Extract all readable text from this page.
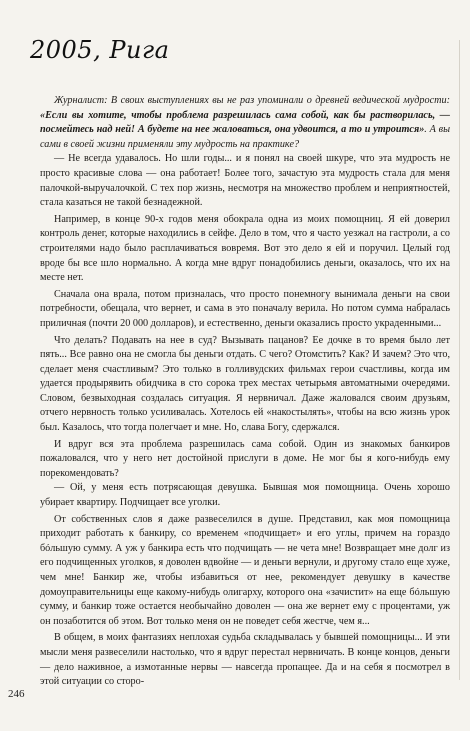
2005, Рига

Журналист: В своих выступлениях вы не раз упоминали о древней ведической мудрости: «Если вы хотите, чтобы проблема разрешилась сама собой, как бы растворилась, — посмейтесь над ней! А будете на нее жаловаться, она удвоится, а то и утроится». А вы сами в своей жизни применяли эту мудрость на практике?

— Не всегда удавалось. Но шли годы... и я понял на своей шкуре, что эта мудрость не просто красивые слова — она работает! Более того, зачастую эта мудрость стала для меня палочкой-выручалочкой. С тех пор жизнь, несмотря на множество проблем и неприятностей, стала казаться не такой безнадежной.

Например, в конце 90-х годов меня обокрала одна из моих помощниц. Я ей доверил контроль денег, которые находились в сейфе. Дело в том, что я часто уезжал на гастроли, а со строителями надо было расплачиваться вовремя. Вот это дело я ей и поручил. Целый год вроде бы все шло нормально. А когда мне вдруг понадобились деньги, оказалось, что их на месте нет.

Сначала она врала, потом призналась, что просто понемногу вынимала деньги на свои потребности, обещала, что вернет, и сама в это поначалу верила. Но потом сумма набралась приличная (почти 20 000 долларов), и естественно, деньги оказались просто украденными...

Что делать? Подавать на нее в суд? Вызывать пацанов? Ее дочке в то время было лет пять... Все равно она не смогла бы деньги отдать. С чего? Отомстить? Как? И зачем? Это что, сделает меня счастливым? Это только в голливудских фильмах герои счастливы, когда им удается продырявить обидчика в сто сорока трех местах четырьмя автоматными очередями. Словом, безвыходная создалась ситуация. Я нервничал. Даже жаловался своим друзьям, отчего нервность только усиливалась. Хотелось ей «накостылять», чтобы на всю жизнь урок был. Казалось, что тогда полегчает и мне. Но, слава Богу, сдержался.

И вдруг вся эта проблема разрешилась сама собой. Один из знакомых банкиров пожаловался, что у него нет достойной прислуги в доме. Не мог бы я кого-нибудь ему порекомендовать?

— Ой, у меня есть потрясающая девушка. Бывшая моя помощница. Очень хорошо убирает квартиру. Подчищает все уголки.

От собственных слов я даже развеселился в душе. Представил, как моя помощница приходит работать к банкиру, со временем «подчищает» и его углы, причем на гораздо бóльшую сумму. А уж у банкира есть что подчищать — не чета мне! Возвращает мне долг из его подчищенных уголков, я доволен вдвойне — и деньги вернули, и другому стало еще хуже, чем мне! Банкир же, чтобы избавиться от нее, рекомендует девушку в качестве домоуправительницы еще какому-нибудь олигарху, которого она «зачистит» на еще бóльшую сумму, и банкир тоже остается необычайно доволен — она же вернет ему с процентами, уж он позаботится об этом. Вот только меня он не поведет себя жестче, чем я...

В общем, в моих фантазиях неплохая судьба складывалась у бывшей помощницы... И эти мысли меня развеселили настолько, что я вдруг перестал нервничать. В конце концов, деньги — дело наживное, а измотанные нервы — навсегда пропащее. Да и на себя я посмотрел в этой ситуации со сторо-

246
